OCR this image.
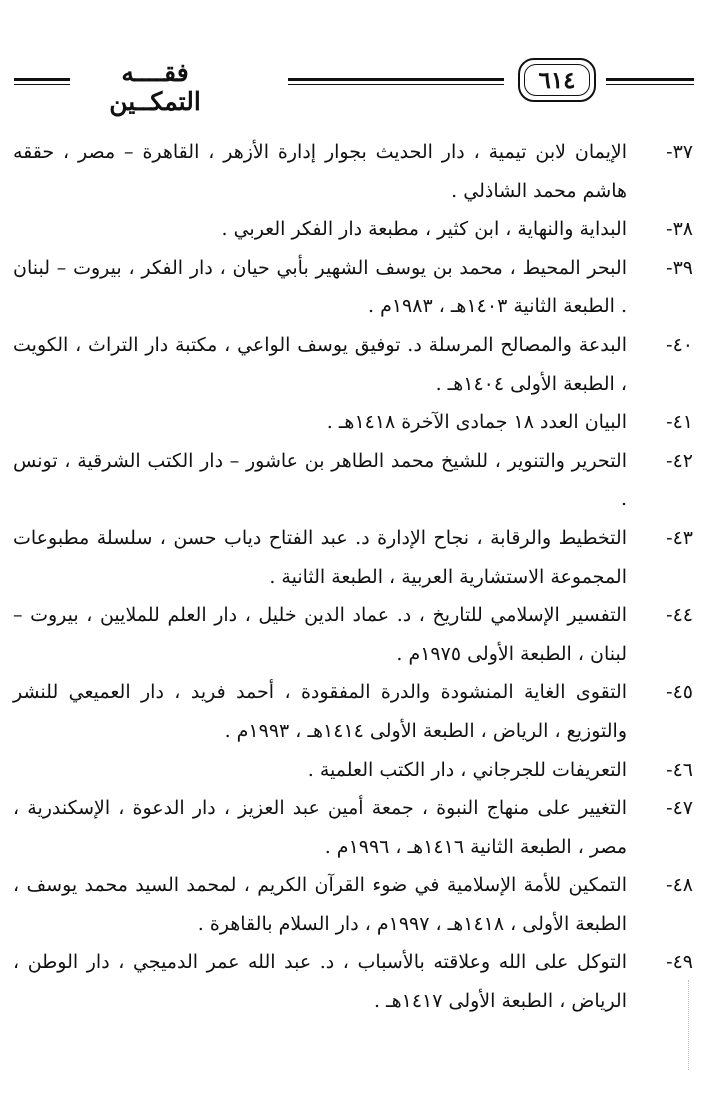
٦١٤
فقــــه التمكــين
٣٧-الإيمان لابن تيمية ، دار الحديث بجوار إدارة الأزهر ، القاهرة – مصر ، حققه هاشم محمد الشاذلي .
٣٨-البداية والنهاية ، ابن كثير ، مطبعة دار الفكر العربي .
٣٩-البحر المحيط ، محمد بن يوسف الشهير بأبي حيان ، دار الفكر ، بيروت – لبنان . الطبعة الثانية ١٤٠٣هـ ، ١٩٨٣م .
٤٠-البدعة والمصالح المرسلة د. توفيق يوسف الواعي ، مكتبة دار التراث ، الكويت ، الطبعة الأولى ١٤٠٤هـ .
٤١-البيان العدد ١٨ جمادى الآخرة ١٤١٨هـ .
٤٢-التحرير والتنوير ، للشيخ محمد الطاهر بن عاشور – دار الكتب الشرقية ، تونس .
٤٣-التخطيط والرقابة ، نجاح الإدارة د. عبد الفتاح دياب حسن ، سلسلة مطبوعات المجموعة الاستشارية العربية ، الطبعة الثانية .
٤٤-التفسير الإسلامي للتاريخ ، د. عماد الدين خليل ، دار العلم للملايين ، بيروت – لبنان ، الطبعة الأولى ١٩٧٥م .
٤٥-التقوى الغاية المنشودة والدرة المفقودة ، أحمد فريد ، دار العميعي للنشر والتوزيع ، الرياض ، الطبعة الأولى ١٤١٤هـ ، ١٩٩٣م .
٤٦-التعريفات للجرجاني ، دار الكتب العلمية .
٤٧-التغيير على منهاج النبوة ، جمعة أمين عبد العزيز ، دار الدعوة ، الإسكندرية ، مصر ، الطبعة الثانية ١٤١٦هـ ، ١٩٩٦م .
٤٨-التمكين للأمة الإسلامية في ضوء القرآن الكريم ، لمحمد السيد محمد يوسف ، الطبعة الأولى ، ١٤١٨هـ ، ١٩٩٧م ، دار السلام بالقاهرة .
٤٩-التوكل على الله وعلاقته بالأسباب ، د. عبد الله عمر الدميجي ، دار الوطن ، الرياض ، الطبعة الأولى ١٤١٧هـ .
